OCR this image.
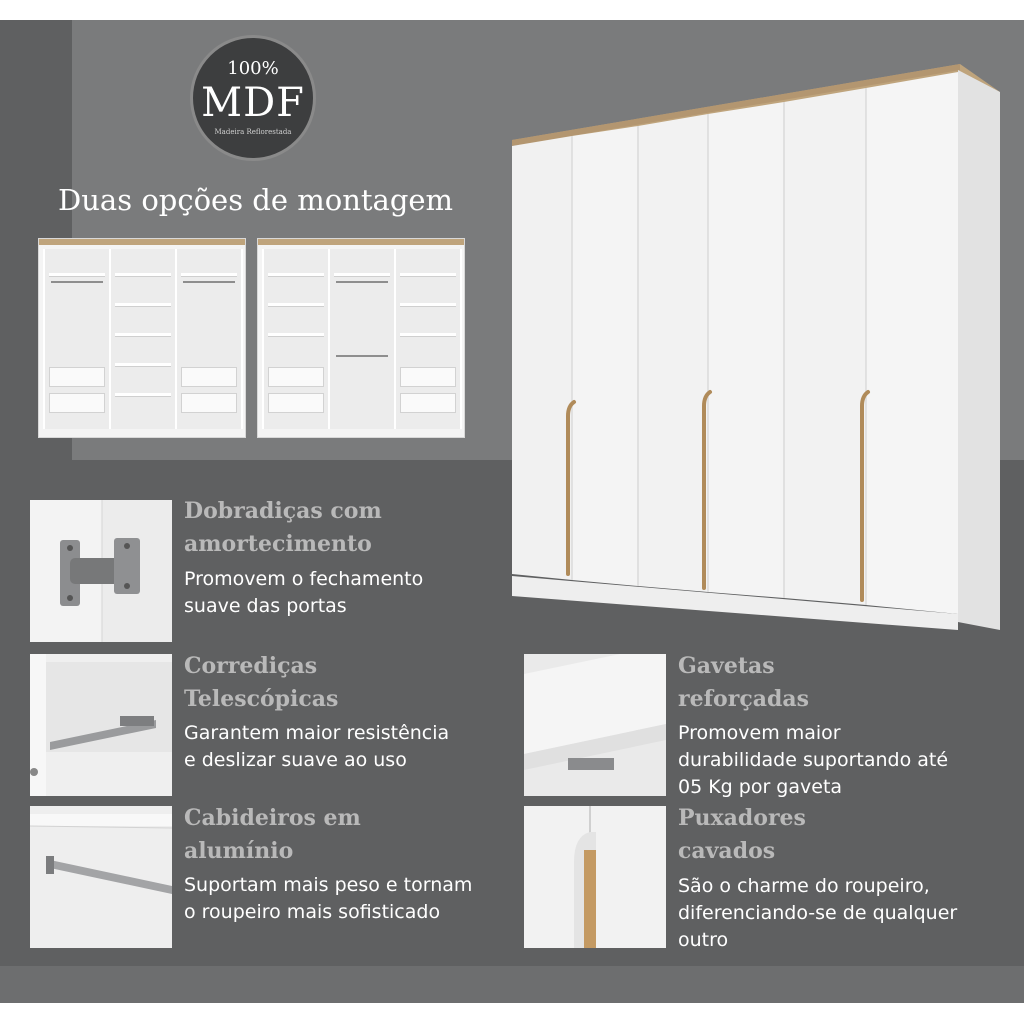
100%
MDF
Madeira Reflorestada
Duas opções de montagem
Dobradiças com
amortecimento
Promovem o fechamento
suave das portas
Corrediças
Telescópicas
Garantem maior resistência
e deslizar suave ao uso
Cabideiros em
alumínio
Suportam mais peso e tornam
o roupeiro mais sofisticado
Gavetas
reforçadas
Promovem maior
durabilidade suportando até
05 Kg por gaveta
Puxadores
cavados
São o charme do roupeiro,
diferenciando-se de qualquer
outro
